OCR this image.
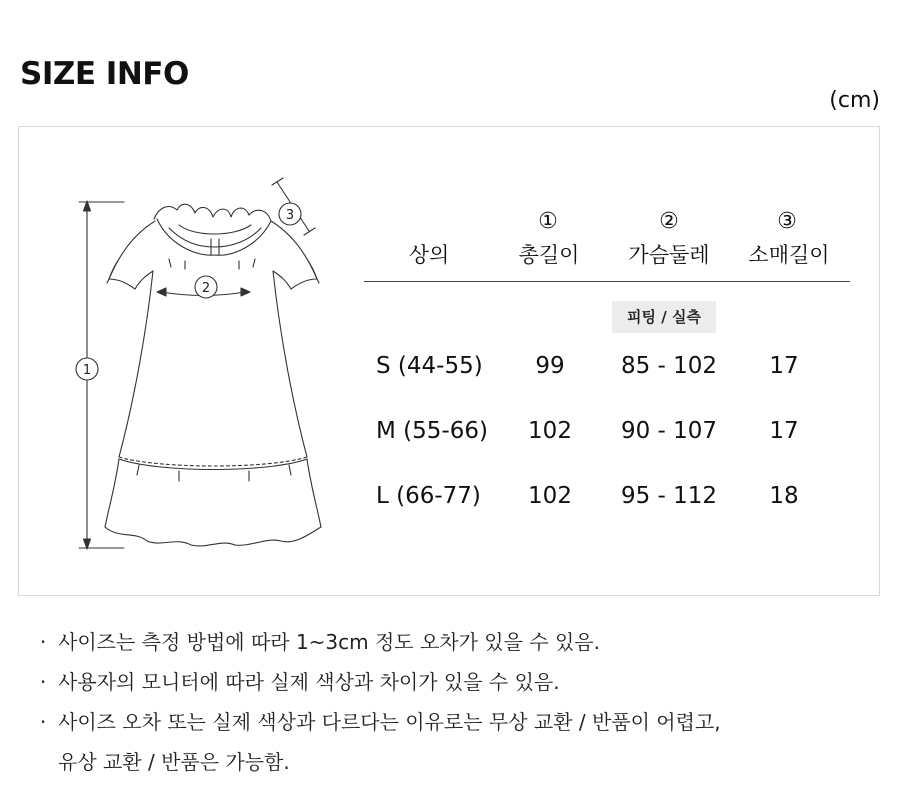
SIZE INFO
(cm)
1
2
3	①	②	③
상의	총길이	가슴둘레	소매길이
피팅 / 실측
S (44-55)	99	85 - 102	17
M (55-66)	102	90 - 107	17
L (66-77)	102	95 - 112	18
· 사이즈는 측정 방법에 따라 1~3cm 정도 오차가 있을 수 있음.
· 사용자의 모니터에 따라 실제 색상과 차이가 있을 수 있음.
· 사이즈 오차 또는 실제 색상과 다르다는 이유로는 무상 교환 / 반품이 어렵고,
유상 교환 / 반품은 가능함.
